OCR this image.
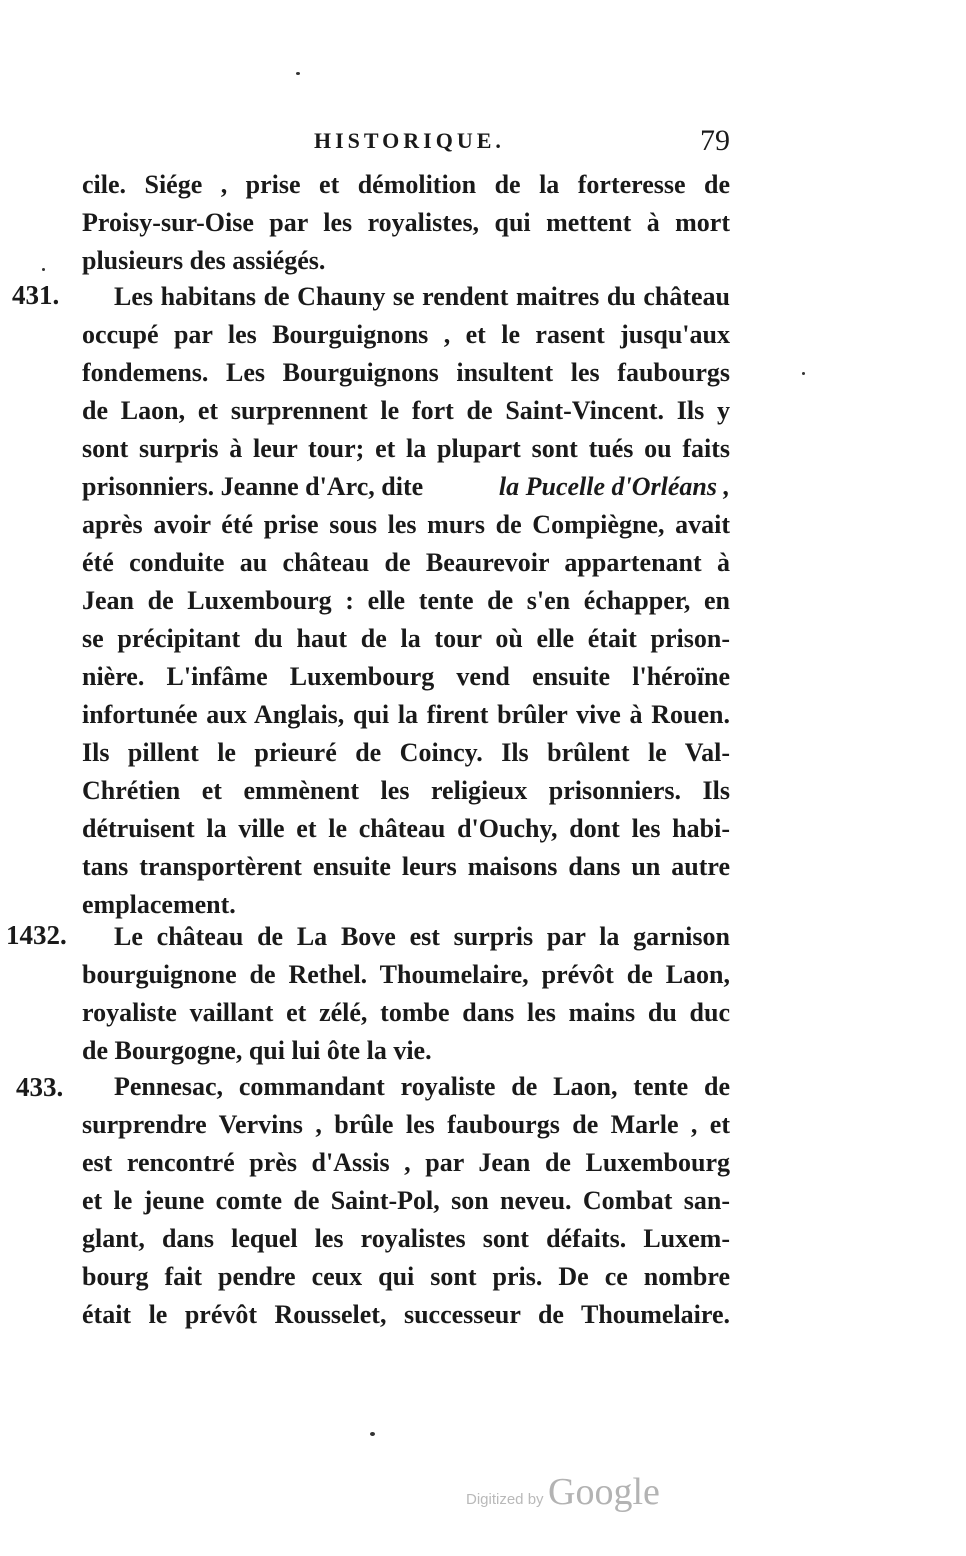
HISTORIQUE.	79
cile. Siége , prise et démolition de la forteresse de
Proisy-sur-Oise par les royalistes, qui mettent à mort
plusieurs des assiégés.
431. Les habitans de Chauny se rendent maitres du château
occupé par les Bourguignons , et le rasent jusqu'aux
fondemens. Les Bourguignons insultent les faubourgs
de Laon, et surprennent le fort de Saint-Vincent. Ils y
sont surpris à leur tour; et la plupart sont tués ou faits
prisonniers. Jeanne d'Arc, dite	la Pucelle d'Orléans ,
après avoir été prise sous les murs de Compiègne, avait
été conduite au château de Beaurevoir appartenant à
Jean de Luxembourg : elle tente de s'en échapper, en
se précipitant du haut de la tour où elle était prison-
nière. L'infâme Luxembourg vend ensuite l'héroïne
infortunée aux Anglais, qui la firent brûler vive à Rouen.
Ils pillent le prieuré de Coincy. Ils brûlent le Val-
Chrétien et emmènent les religieux prisonniers. Ils
détruisent la ville et le château d'Ouchy, dont les habi-
tans transportèrent ensuite leurs maisons dans un autre
emplacement.
1432. Le château de La Bove est surpris par la garnison
bourguignone de Rethel. Thoumelaire, prévôt de Laon,
royaliste vaillant et zélé, tombe dans les mains du duc
de Bourgogne, qui lui ôte la vie.
433. Pennesac, commandant royaliste de Laon, tente de
surprendre Vervins , brûle les faubourgs de Marle , et
est rencontré près d'Assis , par Jean de Luxembourg
et le jeune comte de Saint-Pol, son neveu. Combat san-
glant, dans lequel les royalistes sont défaits. Luxem-
bourg fait pendre ceux qui sont pris. De ce nombre
était le prévôt Rousselet, successeur de Thoumelaire.
Digitized by Google
